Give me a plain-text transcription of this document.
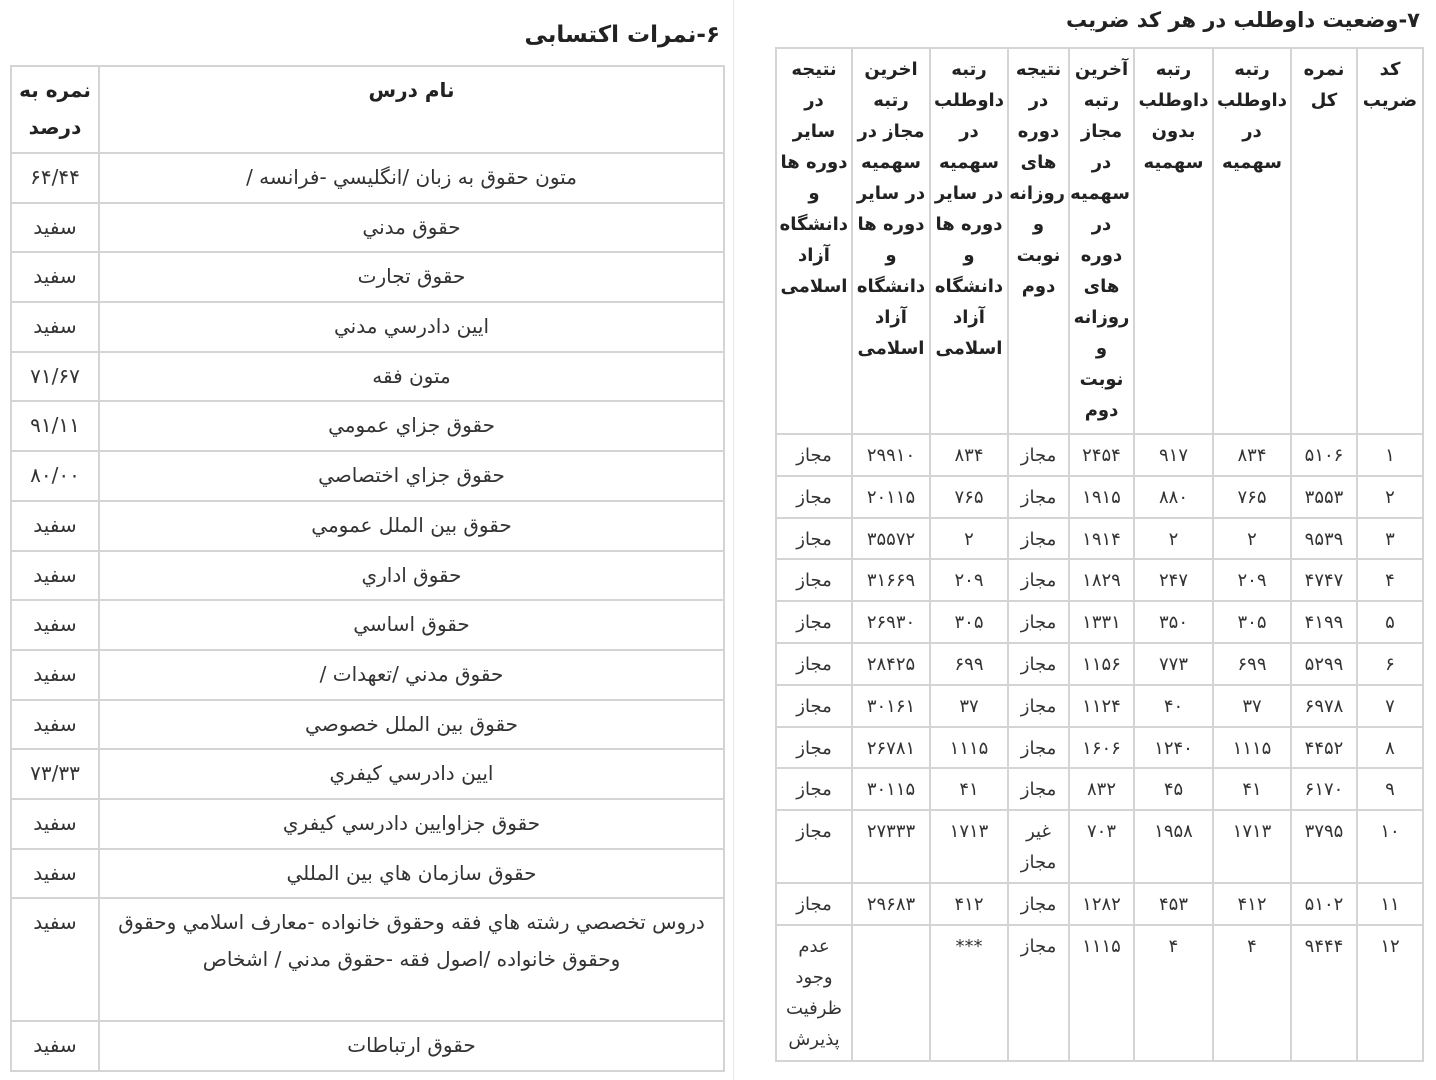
۶-نمرات اکتسابی
۷-وضعیت داوطلب در هر کد ضریب
نام درس	نمره به درصد
متون حقوق به زبان /انگليسي -فرانسه /	۶۴/۴۴
حقوق مدني	سفيد
حقوق تجارت	سفيد
ايين دادرسي مدني	سفيد
متون فقه	۷۱/۶۷
حقوق جزاي عمومي	۹۱/۱۱
حقوق جزاي اختصاصي	۸۰/۰۰
حقوق بين الملل عمومي	سفيد
حقوق اداري	سفيد
حقوق اساسي	سفيد
حقوق مدني /تعهدات /	سفيد
حقوق بين الملل خصوصي	سفيد
ايين دادرسي كيفري	۷۳/۳۳
حقوق جزاوايين دادرسي كيفري	سفيد
حقوق سازمان هاي بين المللي	سفيد
دروس تخصصي رشته هاي فقه وحقوق خانواده -معارف اسلامي وحقوق وحقوق خانواده /اصول فقه -حقوق مدني / اشخاص	سفيد
حقوق ارتباطات	سفيد
کد ضریب	نمره کل	رتبه داوطلب در سهمیه	رتبه داوطلب بدون سهمیه	آخرین رتبه مجاز در سهمیه در دوره های روزانه و نوبت دوم	نتیجه در دوره های روزانه و نوبت دوم	رتبه داوطلب در سهمیه در سایر دوره ها و دانشگاه آزاد اسلامی	اخرین رتبه مجاز در سهمیه در سایر دوره ها و دانشگاه آزاد اسلامی	نتیجه در سایر دوره ها و دانشگاه آزاد اسلامی
۱	۵۱۰۶	۸۳۴	۹۱۷	۲۴۵۴	مجاز	۸۳۴	۲۹۹۱۰	مجاز
۲	۳۵۵۳	۷۶۵	۸۸۰	۱۹۱۵	مجاز	۷۶۵	۲۰۱۱۵	مجاز
۳	۹۵۳۹	۲	۲	۱۹۱۴	مجاز	۲	۳۵۵۷۲	مجاز
۴	۴۷۴۷	۲۰۹	۲۴۷	۱۸۲۹	مجاز	۲۰۹	۳۱۶۶۹	مجاز
۵	۴۱۹۹	۳۰۵	۳۵۰	۱۳۳۱	مجاز	۳۰۵	۲۶۹۳۰	مجاز
۶	۵۲۹۹	۶۹۹	۷۷۳	۱۱۵۶	مجاز	۶۹۹	۲۸۴۲۵	مجاز
۷	۶۹۷۸	۳۷	۴۰	۱۱۲۴	مجاز	۳۷	۳۰۱۶۱	مجاز
۸	۴۴۵۲	۱۱۱۵	۱۲۴۰	۱۶۰۶	مجاز	۱۱۱۵	۲۶۷۸۱	مجاز
۹	۶۱۷۰	۴۱	۴۵	۸۳۲	مجاز	۴۱	۳۰۱۱۵	مجاز
۱۰	۳۷۹۵	۱۷۱۳	۱۹۵۸	۷۰۳	غیر مجاز	۱۷۱۳	۲۷۳۳۳	مجاز
۱۱	۵۱۰۲	۴۱۲	۴۵۳	۱۲۸۲	مجاز	۴۱۲	۲۹۶۸۳	مجاز
۱۲	۹۴۴۴	۴	۴	۱۱۱۵	مجاز	***		عدم وجود ظرفیت پذیرش
